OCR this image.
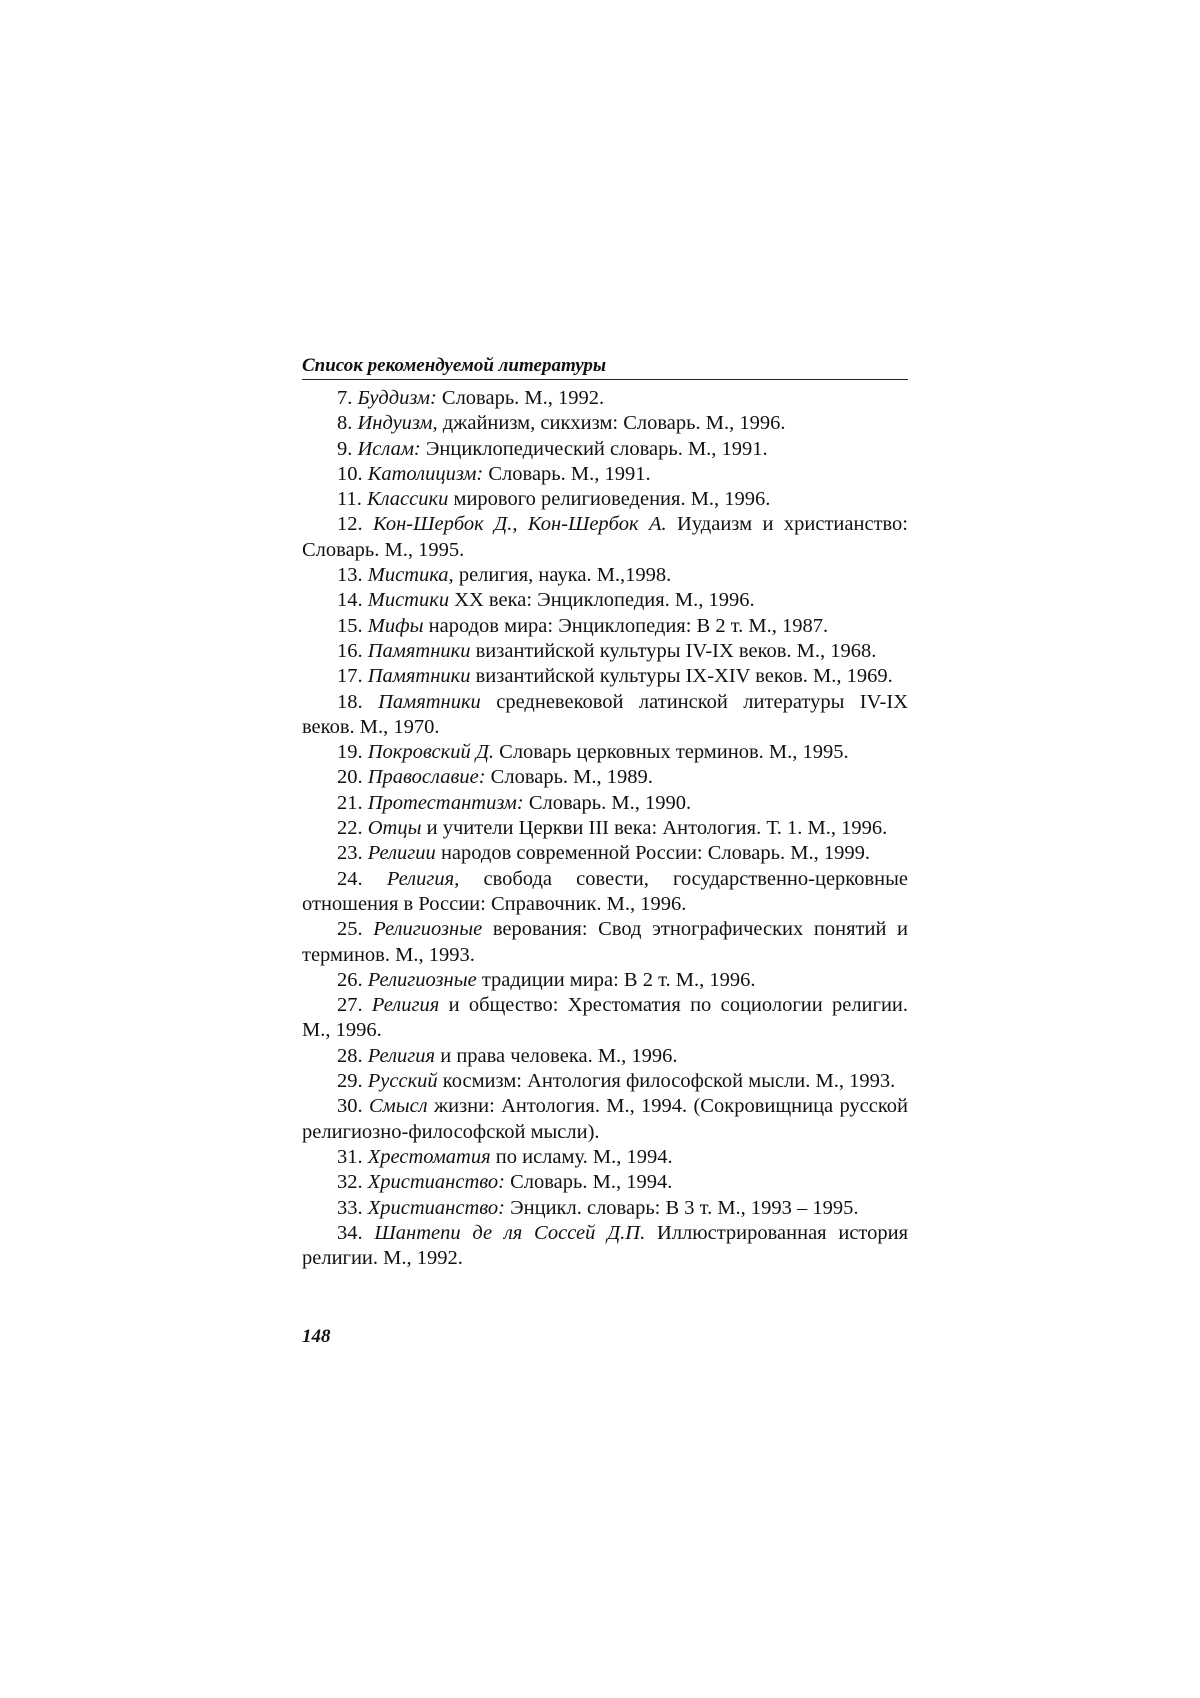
Список рекомендуемой литературы

7. Буддизм: Словарь. М., 1992.

8. Индуизм, джайнизм, сикхизм: Словарь. М., 1996.

9. Ислам: Энциклопедический словарь. М., 1991.

10. Католицизм: Словарь. М., 1991.

11. Классики мирового религиоведения. М., 1996.

12. Кон-Шербок Д., Кон-Шербок А. Иудаизм и христианство: Словарь. М., 1995.

13. Мистика, религия, наука. М.,1998.

14. Мистики XX века: Энциклопедия. М., 1996.

15. Мифы народов мира: Энциклопедия: В 2 т. М., 1987.

16. Памятники византийской культуры IV-IX веков. М., 1968.

17. Памятники византийской культуры IX-XIV веков. М., 1969.

18. Памятники средневековой латинской литературы IV-IX веков. М., 1970.

19. Покровский Д. Словарь церковных терминов. М., 1995.

20. Православие: Словарь. М., 1989.

21. Протестантизм: Словарь. М., 1990.

22. Отцы и учители Церкви III века: Антология. Т. 1. М., 1996.

23. Религии народов современной России: Словарь. М., 1999.

24. Религия, свобода совести, государственно-церковные отношения в России: Справочник. М., 1996.

25. Религиозные верования: Свод этнографических понятий и терминов. М., 1993.

26. Религиозные традиции мира: В 2 т. М., 1996.

27. Религия и общество: Хрестоматия по социологии религии. М., 1996.

28. Религия и права человека. М., 1996.

29. Русский космизм: Антология философской мысли. М., 1993.

30. Смысл жизни: Антология. М., 1994. (Сокровищница русской религиозно-философской мысли).

31. Хрестоматия по исламу. М., 1994.

32. Христианство: Словарь. М., 1994.

33. Христианство: Энцикл. словарь: В 3 т. М., 1993 – 1995.

34. Шантепи де ля Соссей Д.П. Иллюстрированная история религии. М., 1992.

148
